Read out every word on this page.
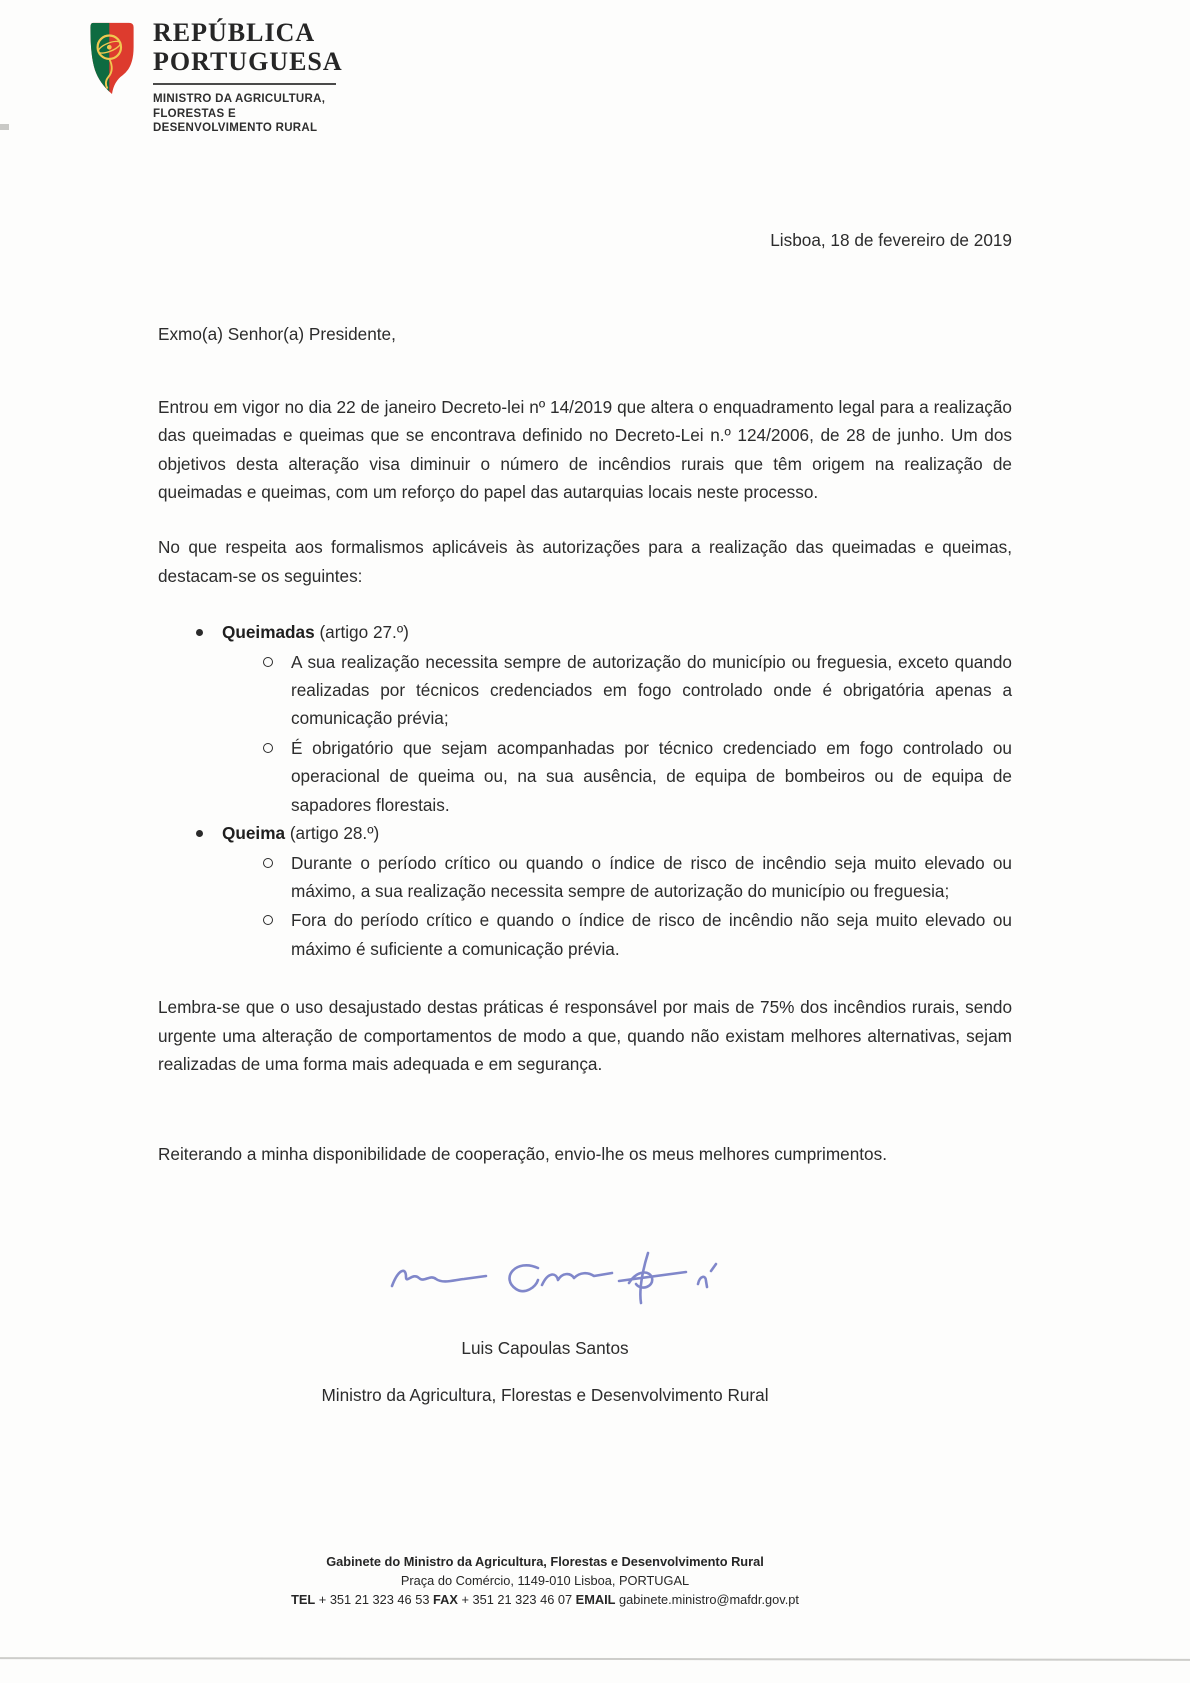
REPÚBLICA
PORTUGUESA
MINISTRO DA AGRICULTURA,
FLORESTAS E DESENVOLVIMENTO RURAL
Lisboa, 18 de fevereiro de 2019
Exmo(a) Senhor(a) Presidente,
Entrou em vigor no dia 22 de janeiro Decreto-lei nº 14/2019 que altera o enquadramento legal para a realização das queimadas e queimas que se encontrava definido no Decreto-Lei n.º 124/2006, de 28 de junho. Um dos objetivos desta alteração visa diminuir o número de incêndios rurais que têm origem na realização de queimadas e queimas, com um reforço do papel das autarquias locais neste processo.
No que respeita aos formalismos aplicáveis às autorizações para a realização das queimadas e queimas, destacam-se os seguintes:
Queimadas (artigo 27.º)
A sua realização necessita sempre de autorização do município ou freguesia, exceto quando realizadas por técnicos credenciados em fogo controlado onde é obrigatória apenas a comunicação prévia;
É obrigatório que sejam acompanhadas por técnico credenciado em fogo controlado ou operacional de queima ou, na sua ausência, de equipa de bombeiros ou de equipa de sapadores florestais.
Queima (artigo 28.º)
Durante o período crítico ou quando o índice de risco de incêndio seja muito elevado ou máximo, a sua realização necessita sempre de autorização do município ou freguesia;
Fora do período crítico e quando o índice de risco de incêndio não seja muito elevado ou máximo é suficiente a comunicação prévia.
Lembra-se que o uso desajustado destas práticas é responsável por mais de 75% dos incêndios rurais, sendo urgente uma alteração de comportamentos de modo a que, quando não existam melhores alternativas, sejam realizadas de uma forma mais adequada e em segurança.
Reiterando a minha disponibilidade de cooperação, envio-lhe os meus melhores cumprimentos.
Luis Capoulas Santos
Ministro da Agricultura, Florestas e Desenvolvimento Rural
Gabinete do Ministro da Agricultura, Florestas e Desenvolvimento Rural
Praça do Comércio, 1149-010 Lisboa, PORTUGAL
TEL + 351 21 323 46 53 FAX + 351 21 323 46 07 EMAIL gabinete.ministro@mafdr.gov.pt
